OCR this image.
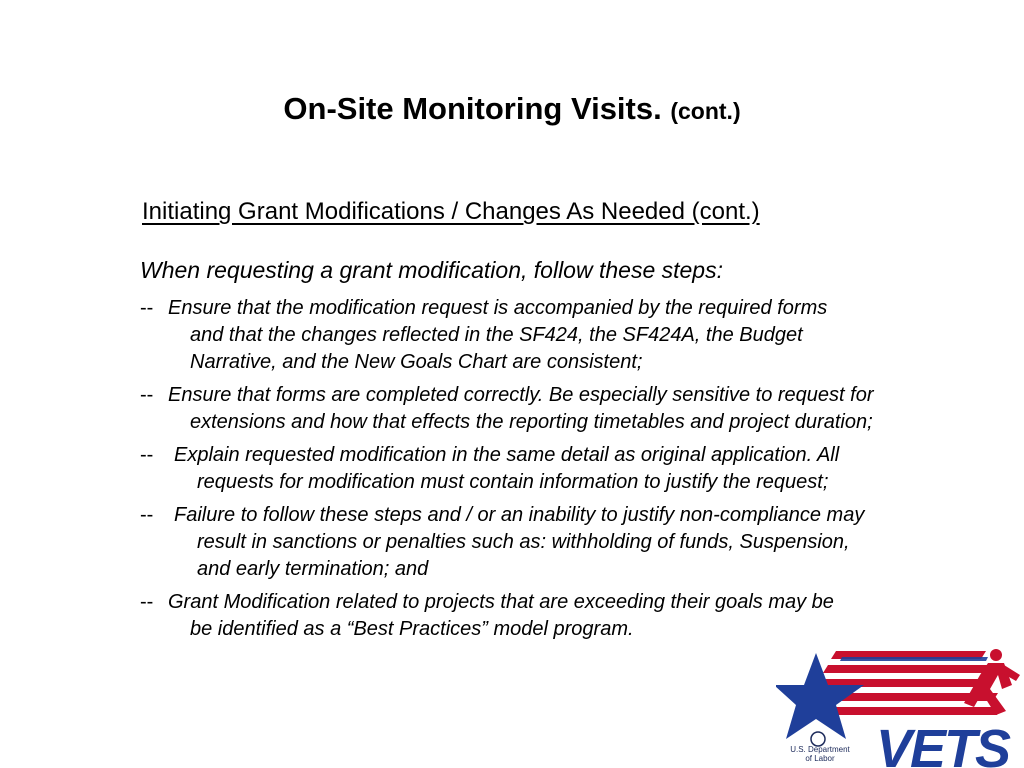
On-Site Monitoring Visits. (cont.)
Initiating Grant Modifications / Changes As Needed (cont.)
When requesting a grant modification, follow these steps:
-- Ensure that the modification request is accompanied by the required forms
and that the changes reflected in the SF424, the SF424A, the Budget
Narrative, and the New Goals Chart are consistent;
-- Ensure that forms are completed correctly. Be especially sensitive to request for
extensions and how that effects the reporting timetables and project duration;
--	Explain requested modification in the same detail as original application. All
requests for modification must contain information to justify the request;
--	Failure to follow these steps and / or an inability to justify non-compliance may
result in sanctions or penalties such as: withholding of funds, Suspension,
and early termination; and
-- Grant Modification related to projects that are exceeding their goals may be
be identified as a “Best Practices” model program.
VETS
U.S. Department
of Labor
